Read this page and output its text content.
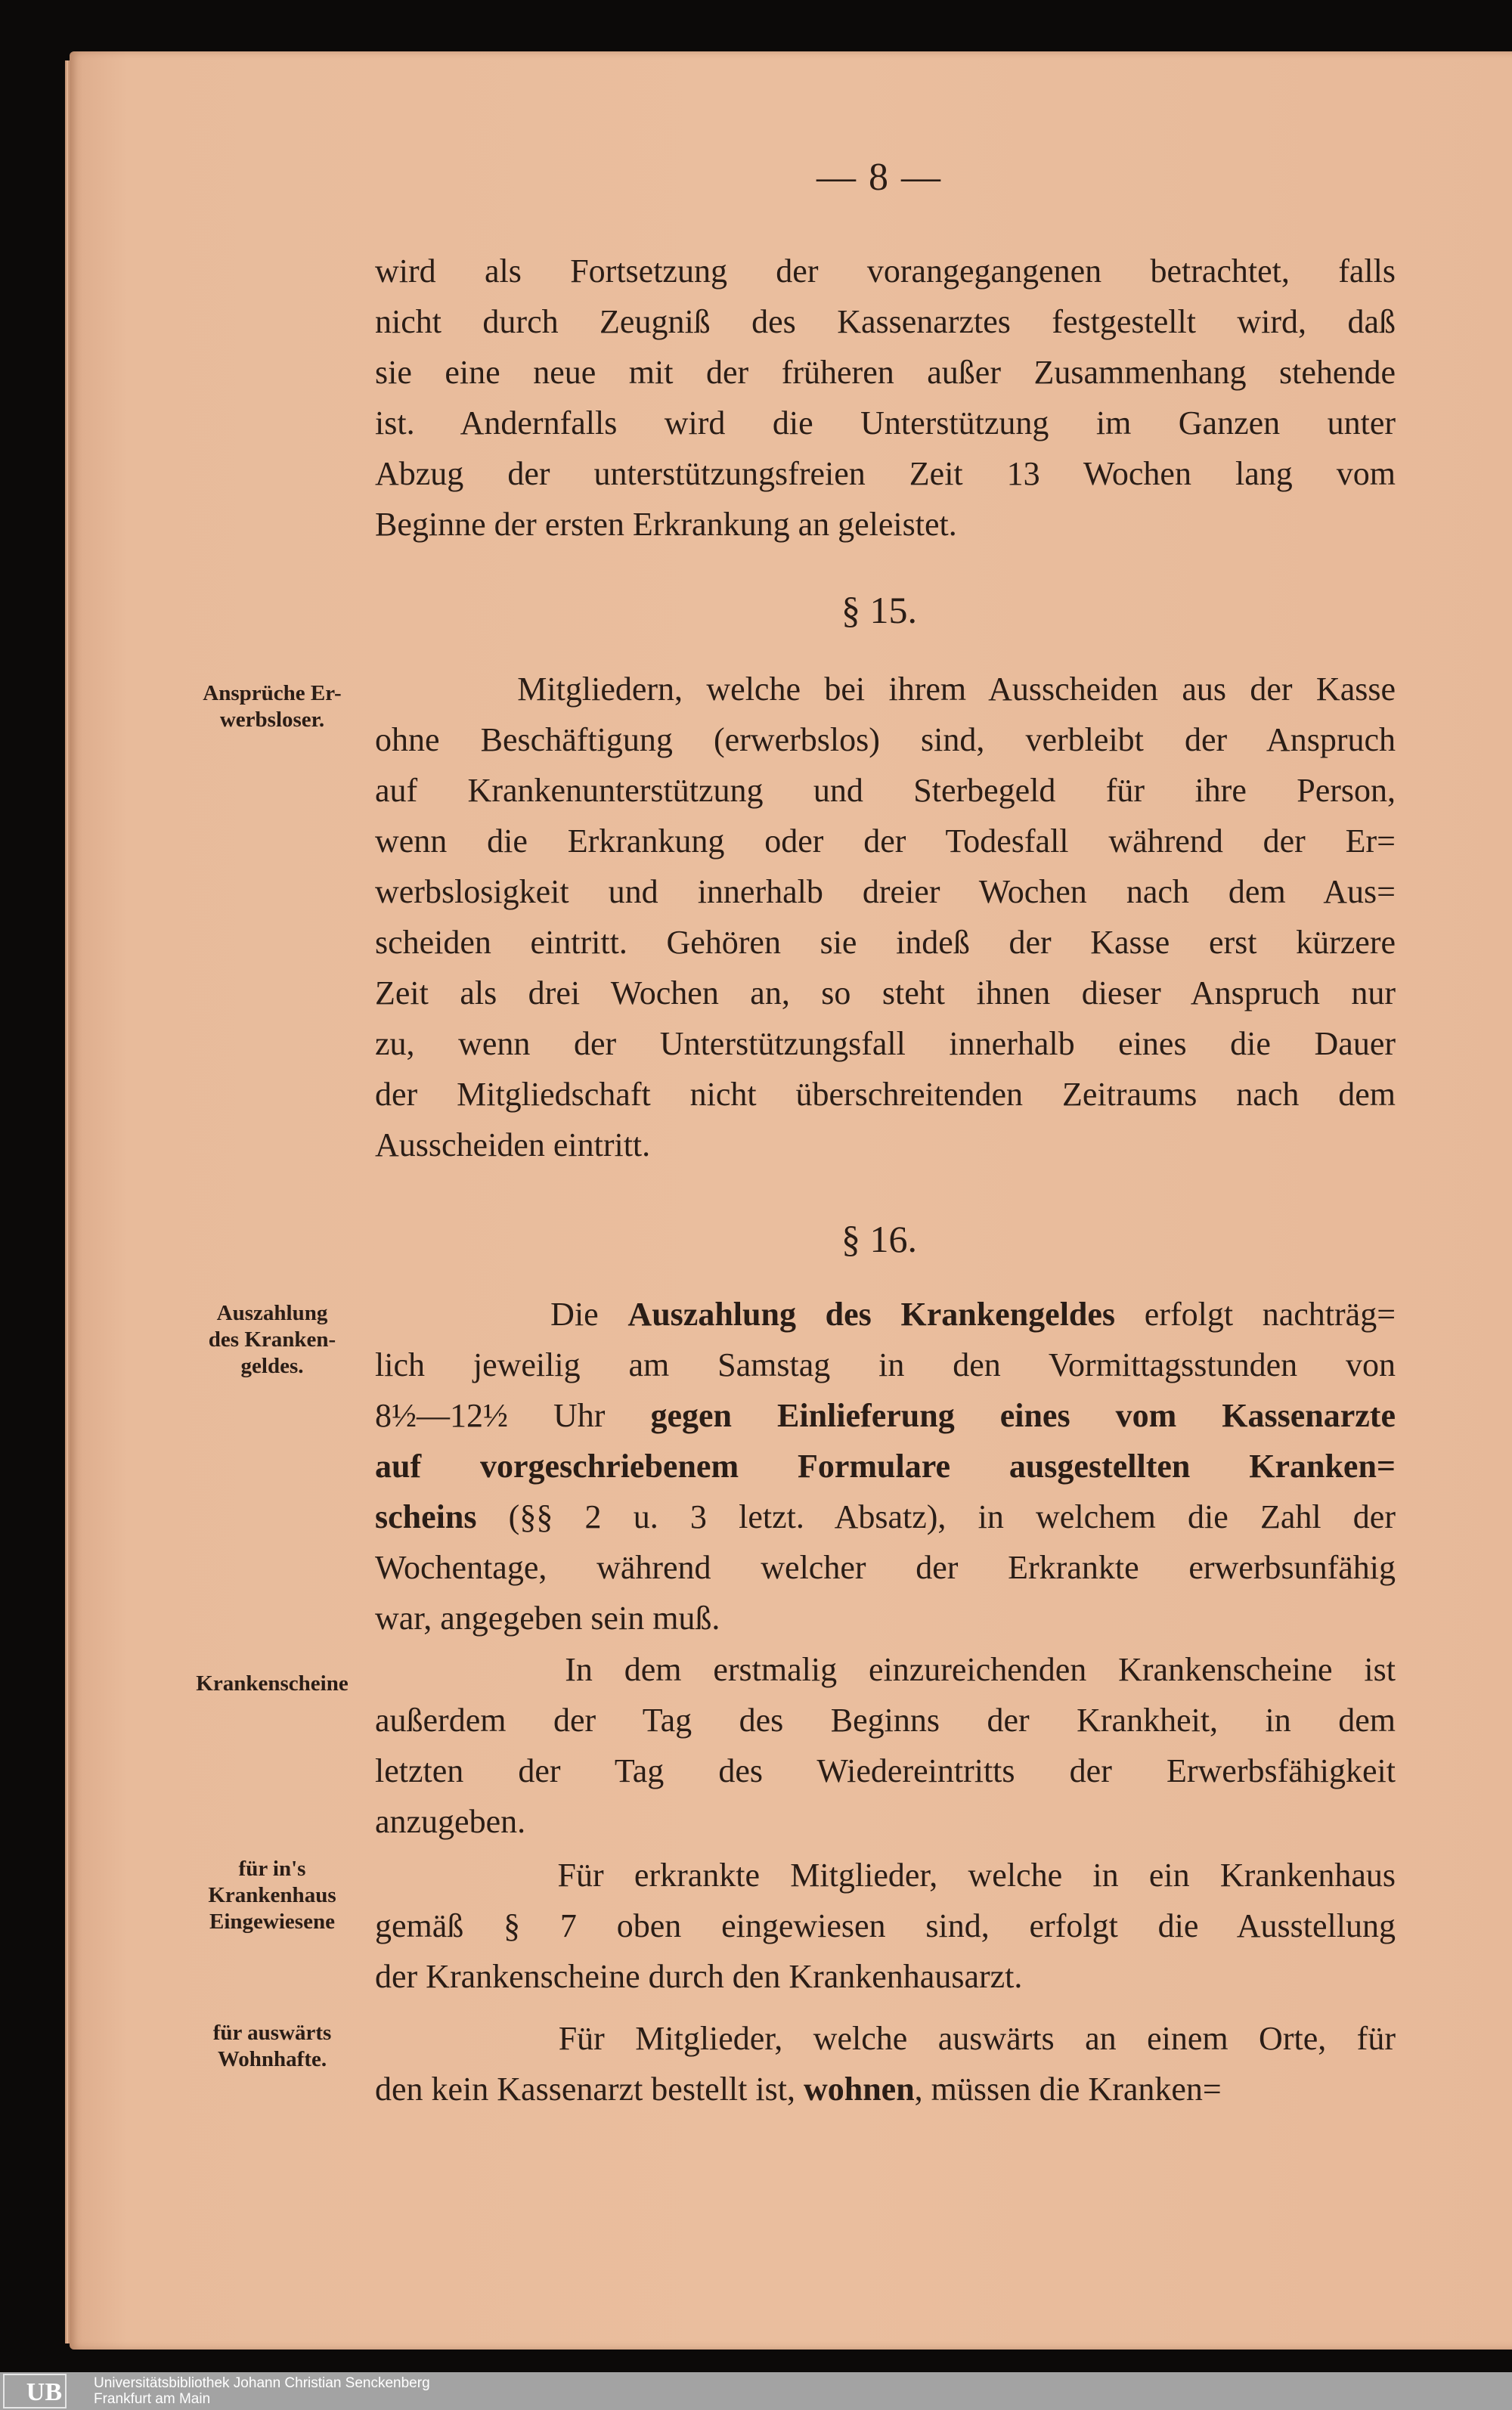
— 8 —
wird als Fortsetzung der vorangegangenen betrachtet, falls
nicht durch Zeugniß des Kassenarztes festgestellt wird, daß
sie eine neue mit der früheren außer Zusammenhang stehende
ist. Andernfalls wird die Unterstützung im Ganzen unter
Abzug der unterstützungsfreien Zeit 13 Wochen lang vom
Beginne der ersten Erkrankung an geleistet.
§ 15.
Mitgliedern, welche bei ihrem Ausscheiden aus der Kasse
ohne Beschäftigung (erwerbslos) sind, verbleibt der Anspruch
auf Krankenunterstützung und Sterbegeld für ihre Person,
wenn die Erkrankung oder der Todesfall während der Er=
werbslosigkeit und innerhalb dreier Wochen nach dem Aus=
scheiden eintritt. Gehören sie indeß der Kasse erst kürzere
Zeit als drei Wochen an, so steht ihnen dieser Anspruch nur
zu, wenn der Unterstützungsfall innerhalb eines die Dauer
der Mitgliedschaft nicht überschreitenden Zeitraums nach dem
Ausscheiden eintritt.
§ 16.
Die Auszahlung des Krankengeldes erfolgt nachträg=
lich jeweilig am Samstag in den Vormittagsstunden von
8½—12½ Uhr gegen Einlieferung eines vom Kassenarzte
auf vorgeschriebenem Formulare ausgestellten Kranken=
scheins (§§ 2 u. 3 letzt. Absatz), in welchem die Zahl der
Wochentage, während welcher der Erkrankte erwerbsunfähig
war, angegeben sein muß.
In dem erstmalig einzureichenden Krankenscheine ist
außerdem der Tag des Beginns der Krankheit, in dem
letzten der Tag des Wiedereintritts der Erwerbsfähigkeit
anzugeben.
Für erkrankte Mitglieder, welche in ein Krankenhaus
gemäß § 7 oben eingewiesen sind, erfolgt die Ausstellung
der Krankenscheine durch den Krankenhausarzt.
Für Mitglieder, welche auswärts an einem Orte, für
den kein Kassenarzt bestellt ist, wohnen, müssen die Kranken=
Ansprüche Er-
werbsloser.
Auszahlung
des Kranken-
geldes.
Krankenscheine
für in's
Krankenhaus
Eingewiesene
für auswärts
Wohnhafte.
UB	Universitätsbibliothek Johann Christian Senckenberg
Frankfurt am Main
